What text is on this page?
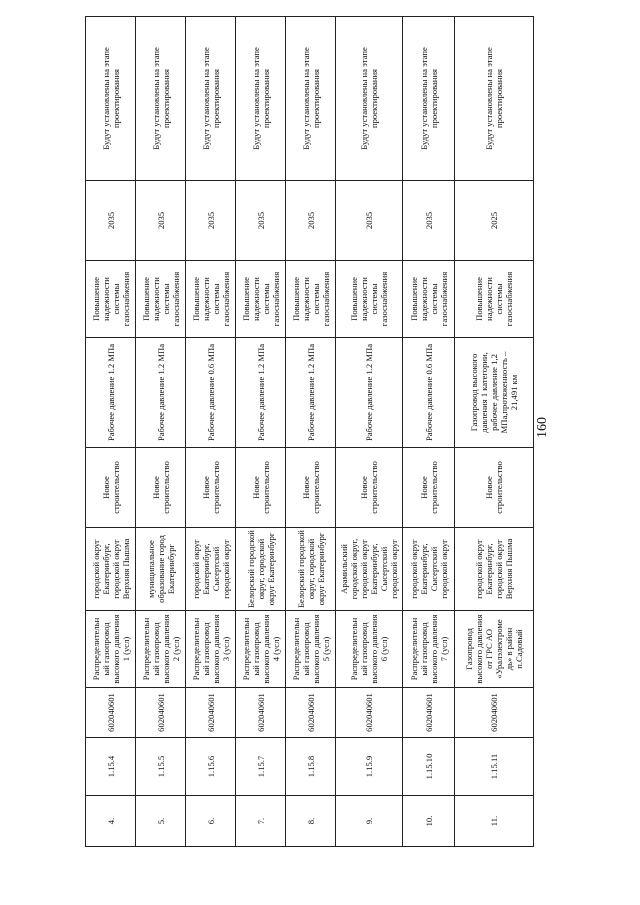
160
4.	1.15.4	602040601	Распределительн ый газопровод высокого давления 1 (усл)	городской округ Екатеринбург, городской округ Верхняя Пышма	Новое строительство	Рабочее давление 1.2 МПа	Повышение надежности системы газоснабжения	2035	Будут установлены на этапе проектирования
5.	1.15.5	602040601	Распределительн ый газопровод высокого давления 2 (усл)	муниципальное образование город Екатеринбург	Новое строительство	Рабочее давление 1.2 МПа	Повышение надежности системы газоснабжения	2035	Будут установлены на этапе проектирования
6.	1.15.6	602040601	Распределительн ый газопровод высокого давления 3 (усл)	городской округ Екатеринбург, Сысертский городской округ	Новое строительство	Рабочее давление 0.6 МПа	Повышение надежности системы газоснабжения	2035	Будут установлены на этапе проектирования
7.	1.15.7	602040601	Распределительн ый газопровод высокого давления 4 (усл)	Белорский городской округ, городской округ Екатеринбург	Новое строительство	Рабочее давление 1.2 МПа	Повышение надежности системы газоснабжения	2035	Будут установлены на этапе проектирования
8.	1.15.8	602040601	Распределительн ый газопровод высокого давления 5 (усл)	Белорский городской округ, городской округ Екатеринбург	Новое строительство	Рабочее давление 1.2 МПа	Повышение надежности системы газоснабжения	2035	Будут установлены на этапе проектирования
9.	1.15.9	602040601	Распределительн ый газопровод высокого давления 6 (усл)	Арамильский городской округ, городской округ Екатеринбург, Сысертский городской округ	Новое строительство	Рабочее давление 1.2 МПа	Повышение надежности системы газоснабжения	2035	Будут установлены на этапе проектирования
10.	1.15.10	602040601	Распределительн ый газопровод высокого давления 7 (усл)	городской округ Екатеринбург, Сысертский городской округ	Новое строительство	Рабочее давление 0.6 МПа	Повышение надежности системы газоснабжения	2035	Будут установлены на этапе проектирования
11.	1.15.11	602040601	Газопровод высокого давления от ГРС АО «Уралэлектроме дь» в район п.Садовый	городской округ Екатеринбург, городской округ Верхняя Пышма	Новое строительство	Газопровод высокого давления 1 категории, рабочее давление 1,2 МПа,протяженность – 21,491 км	Повышение надежности системы газоснабжения	2025	Будут установлены на этапе проектирования
